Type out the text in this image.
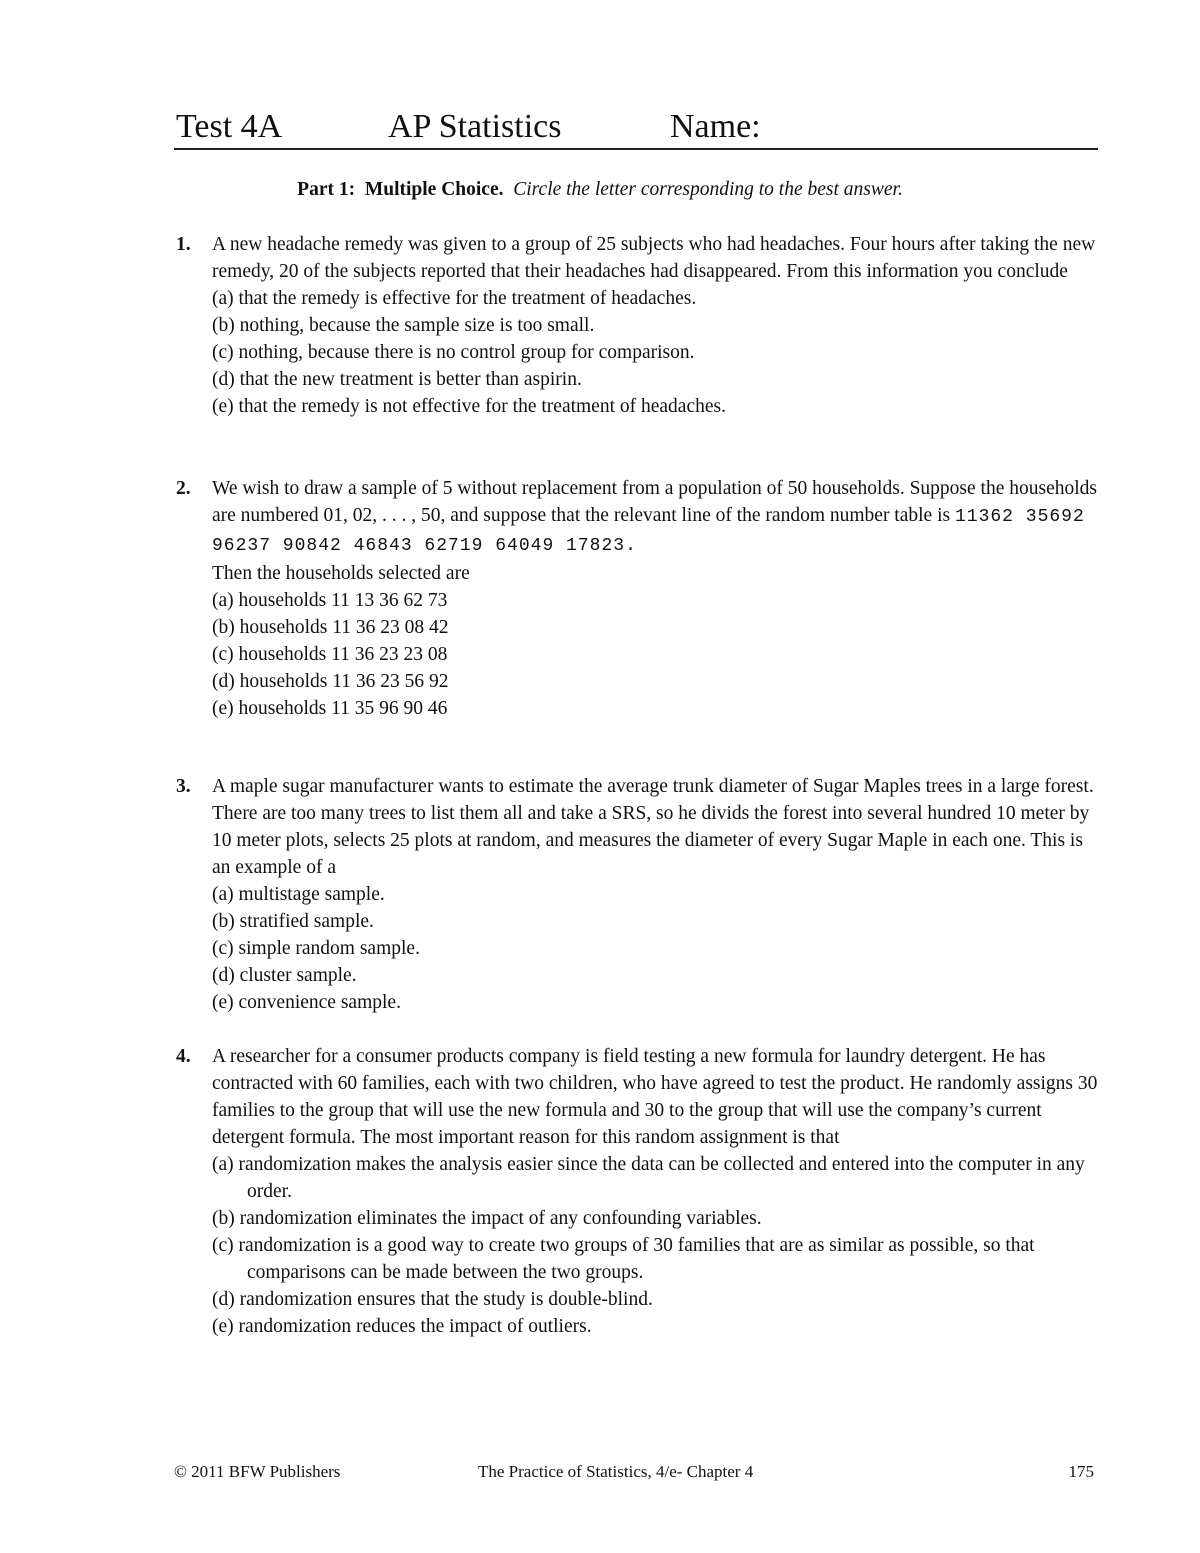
Test 4A	AP Statistics	Name:
Part 1: Multiple Choice. Circle the letter corresponding to the best answer.
1. A new headache remedy was given to a group of 25 subjects who had headaches. Four hours after taking the new remedy, 20 of the subjects reported that their headaches had disappeared. From this information you conclude
(a) that the remedy is effective for the treatment of headaches.
(b) nothing, because the sample size is too small.
(c) nothing, because there is no control group for comparison.
(d) that the new treatment is better than aspirin.
(e) that the remedy is not effective for the treatment of headaches.
2. We wish to draw a sample of 5 without replacement from a population of 50 households. Suppose the households are numbered 01, 02, . . . , 50, and suppose that the relevant line of the random number table is 11362 35692 96237 90842 46843 62719 64049 17823.
Then the households selected are
(a) households 11 13 36 62 73
(b) households 11 36 23 08 42
(c) households 11 36 23 23 08
(d) households 11 36 23 56 92
(e) households 11 35 96 90 46
3. A maple sugar manufacturer wants to estimate the average trunk diameter of Sugar Maples trees in a large forest. There are too many trees to list them all and take a SRS, so he divids the forest into several hundred 10 meter by 10 meter plots, selects 25 plots at random, and measures the diameter of every Sugar Maple in each one. This is an example of a
(a) multistage sample.
(b) stratified sample.
(c) simple random sample.
(d) cluster sample.
(e) convenience sample.
4. A researcher for a consumer products company is field testing a new formula for laundry detergent. He has contracted with 60 families, each with two children, who have agreed to test the product. He randomly assigns 30 families to the group that will use the new formula and 30 to the group that will use the company’s current detergent formula. The most important reason for this random assignment is that
(a) randomization makes the analysis easier since the data can be collected and entered into the computer in any order.
(b) randomization eliminates the impact of any confounding variables.
(c) randomization is a good way to create two groups of 30 families that are as similar as possible, so that comparisons can be made between the two groups.
(d) randomization ensures that the study is double-blind.
(e) randomization reduces the impact of outliers.
© 2011 BFW Publishers	The Practice of Statistics, 4/e- Chapter 4	175
